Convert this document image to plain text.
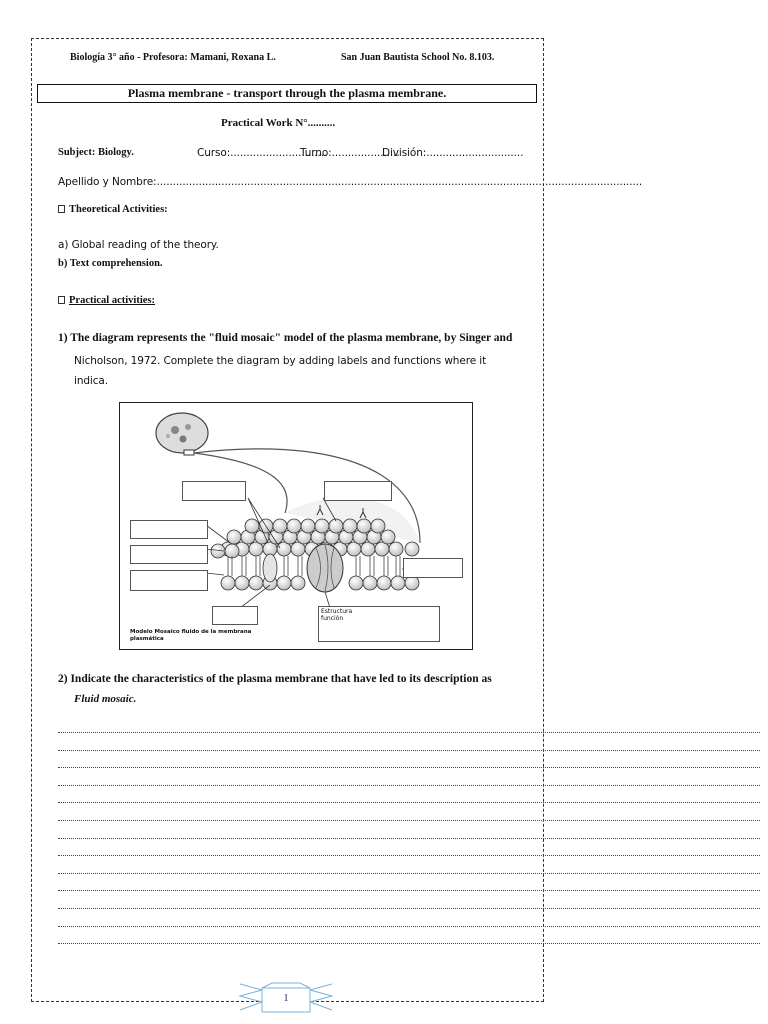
Biología 3° año - Profesora: Mamani, Roxana L.	San Juan Bautista School No. 8.103.
Plasma membrane - transport through the plasma membrane.
Practical Work N°..........
Subject: Biology.	Curso:..............................
Turno:.....................
División:..............................
Apellido y Nombre:......................................................................................................................................................
Theoretical Activities:
a) Global reading of the theory.
b) Text comprehension.
Practical activities:
1) The diagram represents the "fluid mosaic" model of the plasma membrane, by Singer and
Nicholson, 1972. Complete the diagram by adding labels and functions where it
indica.
Estructura
función
Modelo Mosaico fluido de la membrana
plasmática
2) Indicate the characteristics of the plasma membrane that have led to its description as
Fluid mosaic.
1
